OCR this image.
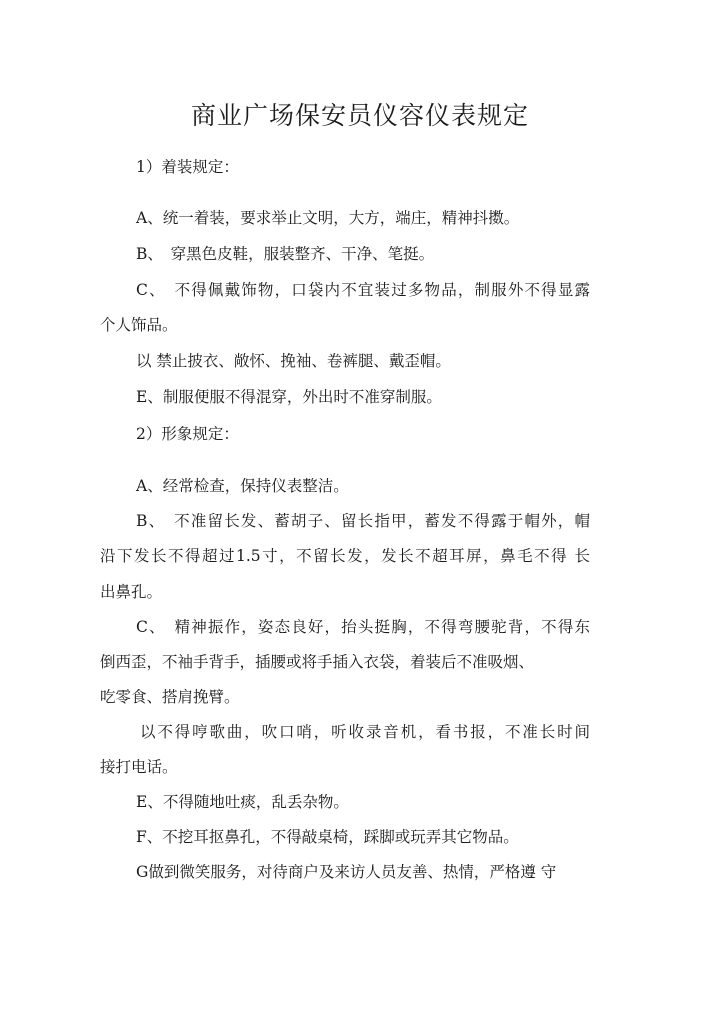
商业广场保安员仪容仪表规定
1）着装规定：
A、统一着装，要求举止文明，大方，端庄，精神抖擞。
B、　穿黑色皮鞋，服装整齐、干净、笔挺。
C、　不得佩戴饰物，口袋内不宜装过多物品，制服外不得显露
个人饰品。
以 禁止披衣、敞怀、挽袖、卷裤腿、戴歪帽。
E、制服便服不得混穿，外出时不准穿制服。
2）形象规定：
A、经常检查，保持仪表整洁。
B、　不准留长发、蓄胡子、留长指甲，蓄发不得露于帽外，帽
沿下发长不得超过1.5寸，不留长发，发长不超耳屏，鼻毛不得 长
出鼻孔。
C、　精神振作，姿态良好，抬头挺胸，不得弯腰驼背，不得东
倒西歪，不袖手背手，插腰或将手插入衣袋，着装后不准吸烟、
吃零食、搭肩挽臂。
以不得哼歌曲，吹口哨，听收录音机，看书报，不准长时间
接打电话。
E、不得随地吐痰，乱丢杂物。
F、不挖耳抠鼻孔，不得敲桌椅，踩脚或玩弄其它物品。
G做到微笑服务，对待商户及来访人员友善、热情，严格遵 守
